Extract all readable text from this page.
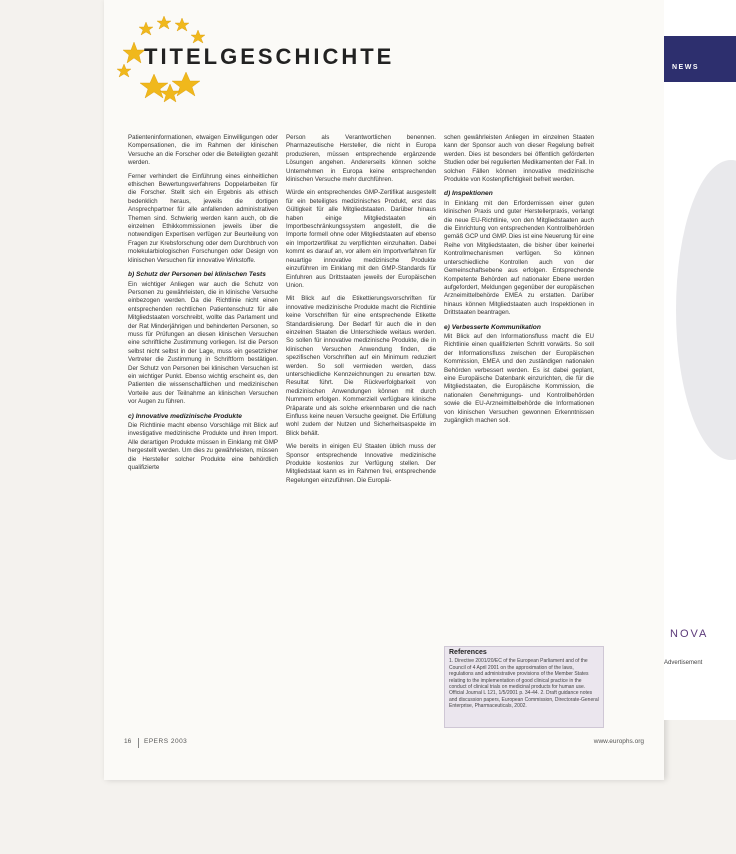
TITELGESCHICHTE

Patienteninformationen, etwaigen Einwilligungen oder Kompensationen, die im Rahmen der klinischen Versuche an die Forscher oder die Beteiligten gezahlt werden.

Ferner verhindert die Einführung eines einheitlichen ethischen Bewertungsverfahrens Doppelarbeiten für die Forscher. Stellt sich ein Ergebnis als ethisch bedenklich heraus, jeweils die dortigen Ansprechpartner für alle anfallenden administrativen Themen sind. Schwierig werden kann auch, ob die einzelnen Ethikkommissionen jeweils über die notwendigen Expertisen verfügen zur Beurteilung von Fragen zur Krebsforschung oder dem Durchbruch von molekularbiologischen Forschungen oder Design von klinischen Versuchen für innovative Wirkstoffe.

b) Schutz der Personen bei klinischen Tests

Ein wichtiger Anliegen war auch die Schutz von Personen zu gewährleisten, die in klinische Versuche einbezogen werden. Da die Richtlinie nicht einen entsprechenden rechtlichen Patientenschutz für alle Mitgliedstaaten vorschreibt, wollte das Parlament und der Rat Minderjährigen und behinderten Personen, so muss für Prüfungen an diesen klinischen Versuchen eine schriftliche Zustimmung vorliegen. Ist die Person selbst nicht selbst in der Lage, muss ein gesetzlicher Vertreter die Zustimmung in Schriftform bestätigen. Der Schutz von Personen bei klinischen Versuchen ist ein wichtiger Punkt. Ebenso wichtig erscheint es, den Patienten die wissenschaftlichen und medizinischen Vorteile aus der Teilnahme an klinischen Versuchen vor Augen zu führen.

c) Innovative medizinische Produkte

Die Richtlinie macht ebenso Vorschläge mit Blick auf investigative medizinische Produkte und ihren Import. Alle derartigen Produkte müssen in Einklang mit GMP hergestellt werden. Um dies zu gewährleisten, müssen die Hersteller solcher Produkte eine behördlich qualifizierte

Person als Verantwortlichen benennen. Pharmazeutische Hersteller, die nicht in Europa produzieren, müssen entsprechende ergänzende Lösungen angehen. Andererseits können solche Unternehmen in Europa keine entsprechenden klinischen Versuche mehr durchführen.

Würde ein entsprechendes GMP-Zertifikat ausgestellt für ein beteiligtes medizinisches Produkt, erst das Gültigkeit für alle Mitgliedstaaten. Darüber hinaus haben einige Mitgliedstaaten ein Importbeschränkungssystem angestellt, die die Importe formell ohne oder Mitgliedstaaten auf ebenso ein Importzertifikat zu verpflichten einzuhalten. Dabei kommt es darauf an, vor allem ein Importverfahren für neuartige innovative medizinische Produkte einzuführen im Einklang mit den GMP-Standards für Einfuhren aus Drittstaaten jeweils der Europäischen Union.

Mit Blick auf die Etikettierungsvorschriften für innovative medizinische Produkte macht die Richtlinie keine Vorschriften für eine entsprechende Etikette Standardisierung. Der Bedarf für auch die in den einzelnen Staaten die Unterschiede weitaus werden. So sollen für innovative medizinische Produkte, die in klinischen Versuchen Anwendung finden, die spezifischen Vorschriften auf ein Minimum reduziert werden. So soll vermieden werden, dass unterschiedliche Kennzeichnungen zu erwarten bzw. Resultat führt. Die Rückverfolgbarkeit von medizinischen Anwendungen können mit durch Nummern erfolgen. Kommerziell verfügbare klinische Präparate und als solche erkennbaren und die nach Einfluss keine neuen Versuche geeignet. Die Erfüllung wohl zudem der Nutzen und Sicherheitsaspekte im Blick behält.

Wie bereits in einigen EU Staaten üblich muss der Sponsor entsprechende Innovative medizinische Produkte kostenlos zur Verfügung stellen. Der Mitgliedstaat kann es im Rahmen frei, entsprechende Regelungen einzuführen. Die Europäi-

schen gewährleisten Anliegen im einzelnen Staaten kann der Sponsor auch von dieser Regelung befreit werden. Dies ist besonders bei öffentlich geförderten Studien oder bei regulierten Medikamenten der Fall. In solchen Fällen können innovative medizinische Produkte von Kostenpflichtigkeit befreit werden.

d) Inspektionen

In Einklang mit den Erfordernissen einer guten klinischen Praxis und guter Herstellerpraxis, verlangt die neue EU-Richtlinie, von den Mitgliedstaaten auch die Einrichtung von entsprechenden Kontrollbehörden gemäß GCP und GMP. Dies ist eine Neuerung für eine Reihe von Mitgliedstaaten, die bisher über keinerlei Kontrollmechanismen verfügen. So können unterschiedliche Kontrollen auch von der Gemeinschaftsebene aus erfolgen. Entsprechende Kompetente Behörden auf nationaler Ebene werden aufgefordert, Meldungen gegenüber der europäischen Arzneimittelbehörde EMEA zu erstatten. Darüber hinaus können Mitgliedstaaten auch Inspektionen in Drittstaaten beantragen.

e) Verbesserte Kommunikation

Mit Blick auf den Informationsfluss macht die EU Richtlinie einen qualifizierten Schritt vorwärts. So soll der Informationsfluss zwischen der Europäischen Kommission, EMEA und den zuständigen nationalen Behörden verbessert werden. Es ist dabei geplant, eine Europäische Datenbank einzurichten, die für die Mitgliedstaaten, die Europäische Kommission, die nationalen Genehmigungs- und Kontrollbehörden sowie die EU-Arzneimittelbehörde die Informationen von klinischen Versuchen gewonnen Erkenntnissen zugänglich machen soll.

References
1. Directive 2001/20/EC of the European Parliament and of the Council of 4 April 2001 on the approximation of the laws, regulations and administrative provisions of the Member States relating to the implementation of good clinical practice in the conduct of clinical trials on medicinal products for human use. Official Journal L 121, 1/5/2001 p. 34-44. 2. Draft guidance notes and discussion papers, European Commission, Directorate-General Enterprise, Pharmaceuticals, 2002.
16 EPERS 2003	www.europhs.org
NEWS
NOVA
Advertisement
